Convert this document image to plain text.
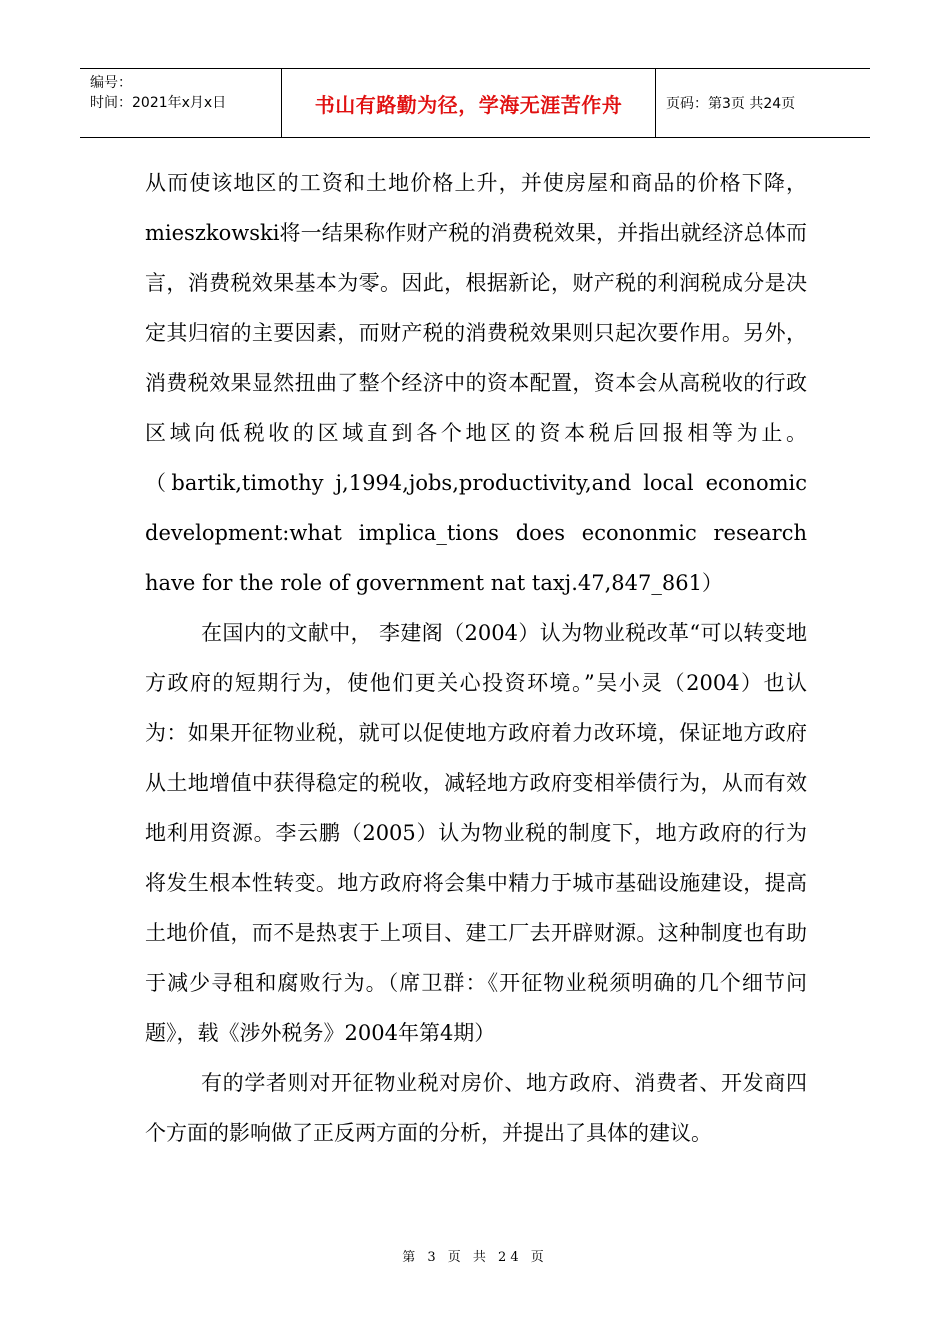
编号：
时间：2021年x月x日	书山有路勤为径，学海无涯苦作舟	页码：第3页 共24页

从而使该地区的工资和土地价格上升，并使房屋和商品的价格下降，mieszkowski将一结果称作财产税的消费税效果，并指出就经济总体而言，消费税效果基本为零。因此，根据新论，财产税的利润税成分是决定其归宿的主要因素，而财产税的消费税效果则只起次要作用。另外，消费税效果显然扭曲了整个经济中的资本配置，资本会从高税收的行政区域向低税收的区域直到各个地区的资本税后回报相等为止。（bartik,timothy j,1994,jobs,productivity,and local economic development:what implica_tions does econonmic research have for the role of government nat taxj.47,847_861）

在国内的文献中， 李建阁（2004）认为物业税改革“可以转变地方政府的短期行为，使他们更关心投资环境。”吴小灵（2004）也认为：如果开征物业税，就可以促使地方政府着力改环境，保证地方政府从土地增值中获得稳定的税收，减轻地方政府变相举债行为，从而有效地利用资源。李云鹏（2005）认为物业税的制度下，地方政府的行为将发生根本性转变。地方政府将会集中精力于城市基础设施建设，提高土地价值，而不是热衷于上项目、建工厂去开辟财源。这种制度也有助于减少寻租和腐败行为。（席卫群：《开征物业税须明确的几个细节问题》，载《涉外税务》2004年第4期）

有的学者则对开征物业税对房价、地方政府、消费者、开发商四个方面的影响做了正反两方面的分析，并提出了具体的建议。

第 3 页 共 24 页
